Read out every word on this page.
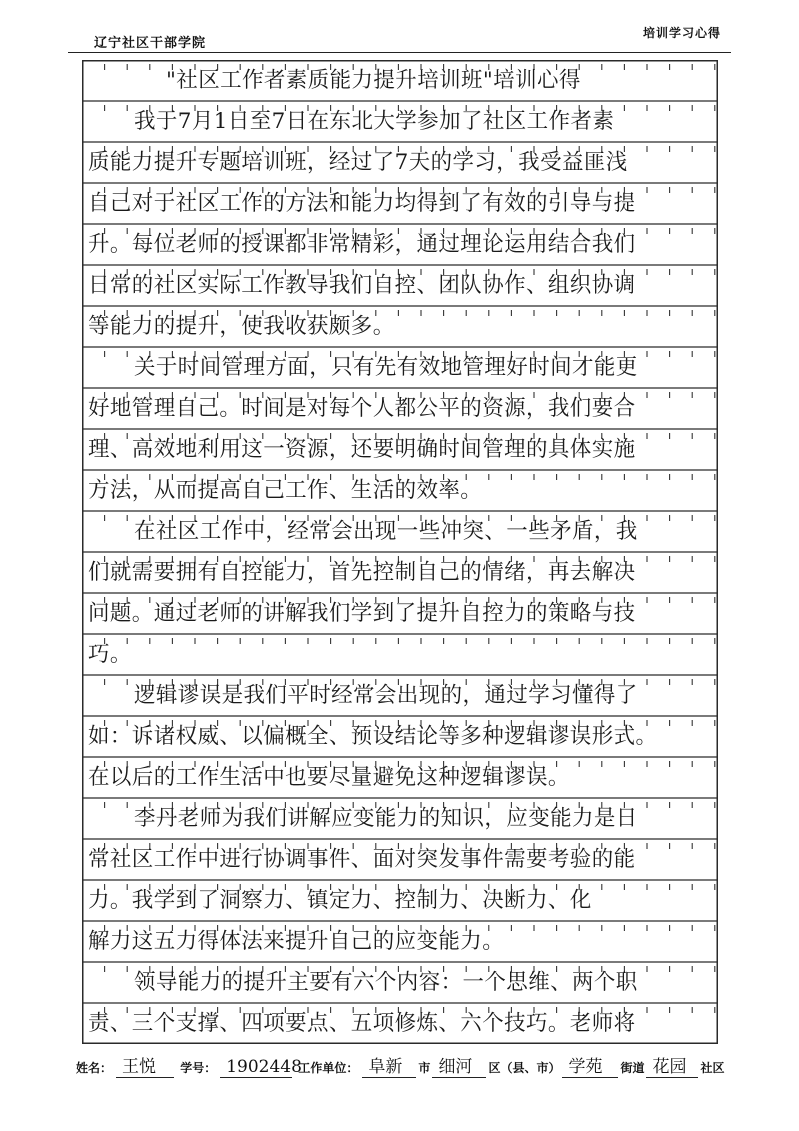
辽宁社区干部学院
培训学习心得
"社区工作者素质能力提升培训班"培训心得
我于7月1日至7日在东北大学参加了社区工作者素
质能力提升专题培训班，经过了7天的学习，我受益匪浅
自己对于社区工作的方法和能力均得到了有效的引导与提
升。每位老师的授课都非常精彩，通过理论运用结合我们
日常的社区实际工作教导我们自控、团队协作、组织协调
等能力的提升，使我收获颇多。
关于时间管理方面，只有先有效地管理好时间才能更
好地管理自己。时间是对每个人都公平的资源，我们要合
理、高效地利用这一资源，还要明确时间管理的具体实施
方法，从而提高自己工作、生活的效率。
在社区工作中，经常会出现一些冲突、一些矛盾，我
们就需要拥有自控能力，首先控制自己的情绪，再去解决
问题。通过老师的讲解我们学到了提升自控力的策略与技
巧。
逻辑谬误是我们平时经常会出现的，通过学习懂得了
如：诉诸权威、以偏概全、预设结论等多种逻辑谬误形式。
在以后的工作生活中也要尽量避免这种逻辑谬误。
李丹老师为我们讲解应变能力的知识，应变能力是日
常社区工作中进行协调事件、面对突发事件需要考验的能
力。我学到了洞察力、镇定力、控制力、决断力、化
解力这五力得体法来提升自己的应变能力。
领导能力的提升主要有六个内容：一个思维、两个职
责、三个支撑、四项要点、五项修炼、六个技巧。老师将
姓名： 王悦 学号： 1902448 工作单位： 阜新 市 细河 区（县、市） 学苑 街道 花园 社区
